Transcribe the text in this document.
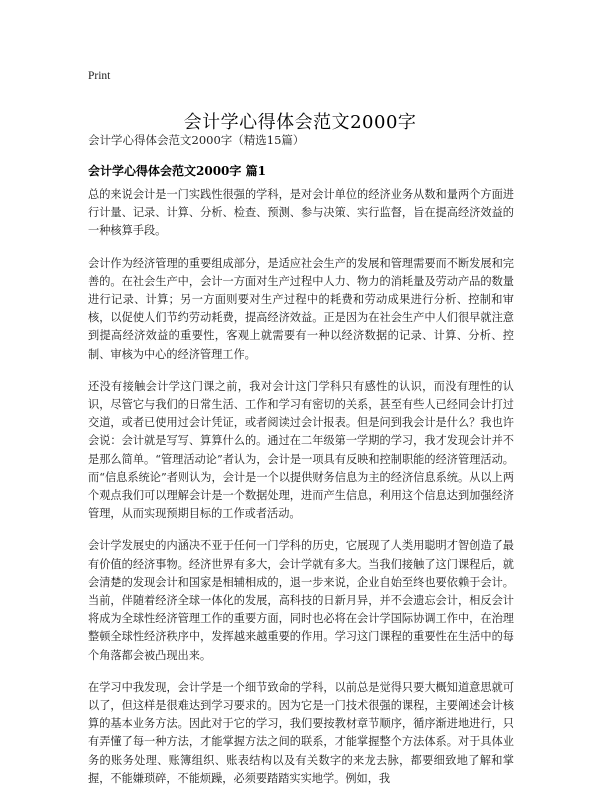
Print
会计学心得体会范文2000字
会计学心得体会范文2000字（精选15篇）
会计学心得体会范文2000字 篇1

总的来说会计是一门实践性很强的学科，是对会计单位的经济业务从数和量两个方面进行计量、记录、计算、分析、检查、预测、参与决策、实行监督，旨在提高经济效益的一种核算手段。

会计作为经济管理的重要组成部分，是适应社会生产的发展和管理需要而不断发展和完善的。在社会生产中，会计一方面对生产过程中人力、物力的消耗量及劳动产品的数量进行记录、计算；另一方面则要对生产过程中的耗费和劳动成果进行分析、控制和审核，以促使人们节约劳动耗费，提高经济效益。正是因为在社会生产中人们很早就注意到提高经济效益的重要性，客观上就需要有一种以经济数据的记录、计算、分析、控制、审核为中心的经济管理工作。

还没有接触会计学这门课之前，我对会计这门学科只有感性的认识，而没有理性的认识，尽管它与我们的日常生活、工作和学习有密切的关系，甚至有些人已经同会计打过交道，或者已使用过会计凭证，或者阅读过会计报表。但是问到我会计是什么？我也许会说：会计就是写写、算算什么的。通过在二年级第一学期的学习，我才发现会计并不是那么简单。“管理活动论”者认为，会计是一项具有反映和控制职能的经济管理活动。而“信息系统论”者则认为，会计是一个以提供财务信息为主的经济信息系统。从以上两个观点我们可以理解会计是一个数据处理，进而产生信息，利用这个信息达到加强经济管理，从而实现预期目标的工作或者活动。

会计学发展史的内涵决不亚于任何一门学科的历史，它展现了人类用聪明才智创造了最有价值的经济事物。经济世界有多大，会计学就有多大。当我们接触了这门课程后，就会清楚的发现会计和国家是相辅相成的，退一步来说，企业自始至终也要依赖于会计。当前，伴随着经济全球一体化的发展，高科技的日新月异，并不会遗忘会计，相反会计将成为全球性经济管理工作的重要方面，同时也必将在会计学国际协调工作中，在治理整顿全球性经济秩序中，发挥越来越重要的作用。学习这门课程的重要性在生活中的每个角落都会被凸现出来。

在学习中我发现，会计学是一个细节致命的学科，以前总是觉得只要大概知道意思就可以了，但这样是很难达到学习要求的。因为它是一门技术很强的课程，主要阐述会计核算的基本业务方法。因此对于它的学习，我们要按教材章节顺序，循序渐进地进行，只有弄懂了每一种方法，才能掌握方法之间的联系，才能掌握整个方法体系。对于具体业务的账务处理、账簿组织、账表结构以及有关数字的来龙去脉，都要细致地了解和掌握，不能嫌琐碎，不能烦躁，必须要踏踏实实地学。例如，我
